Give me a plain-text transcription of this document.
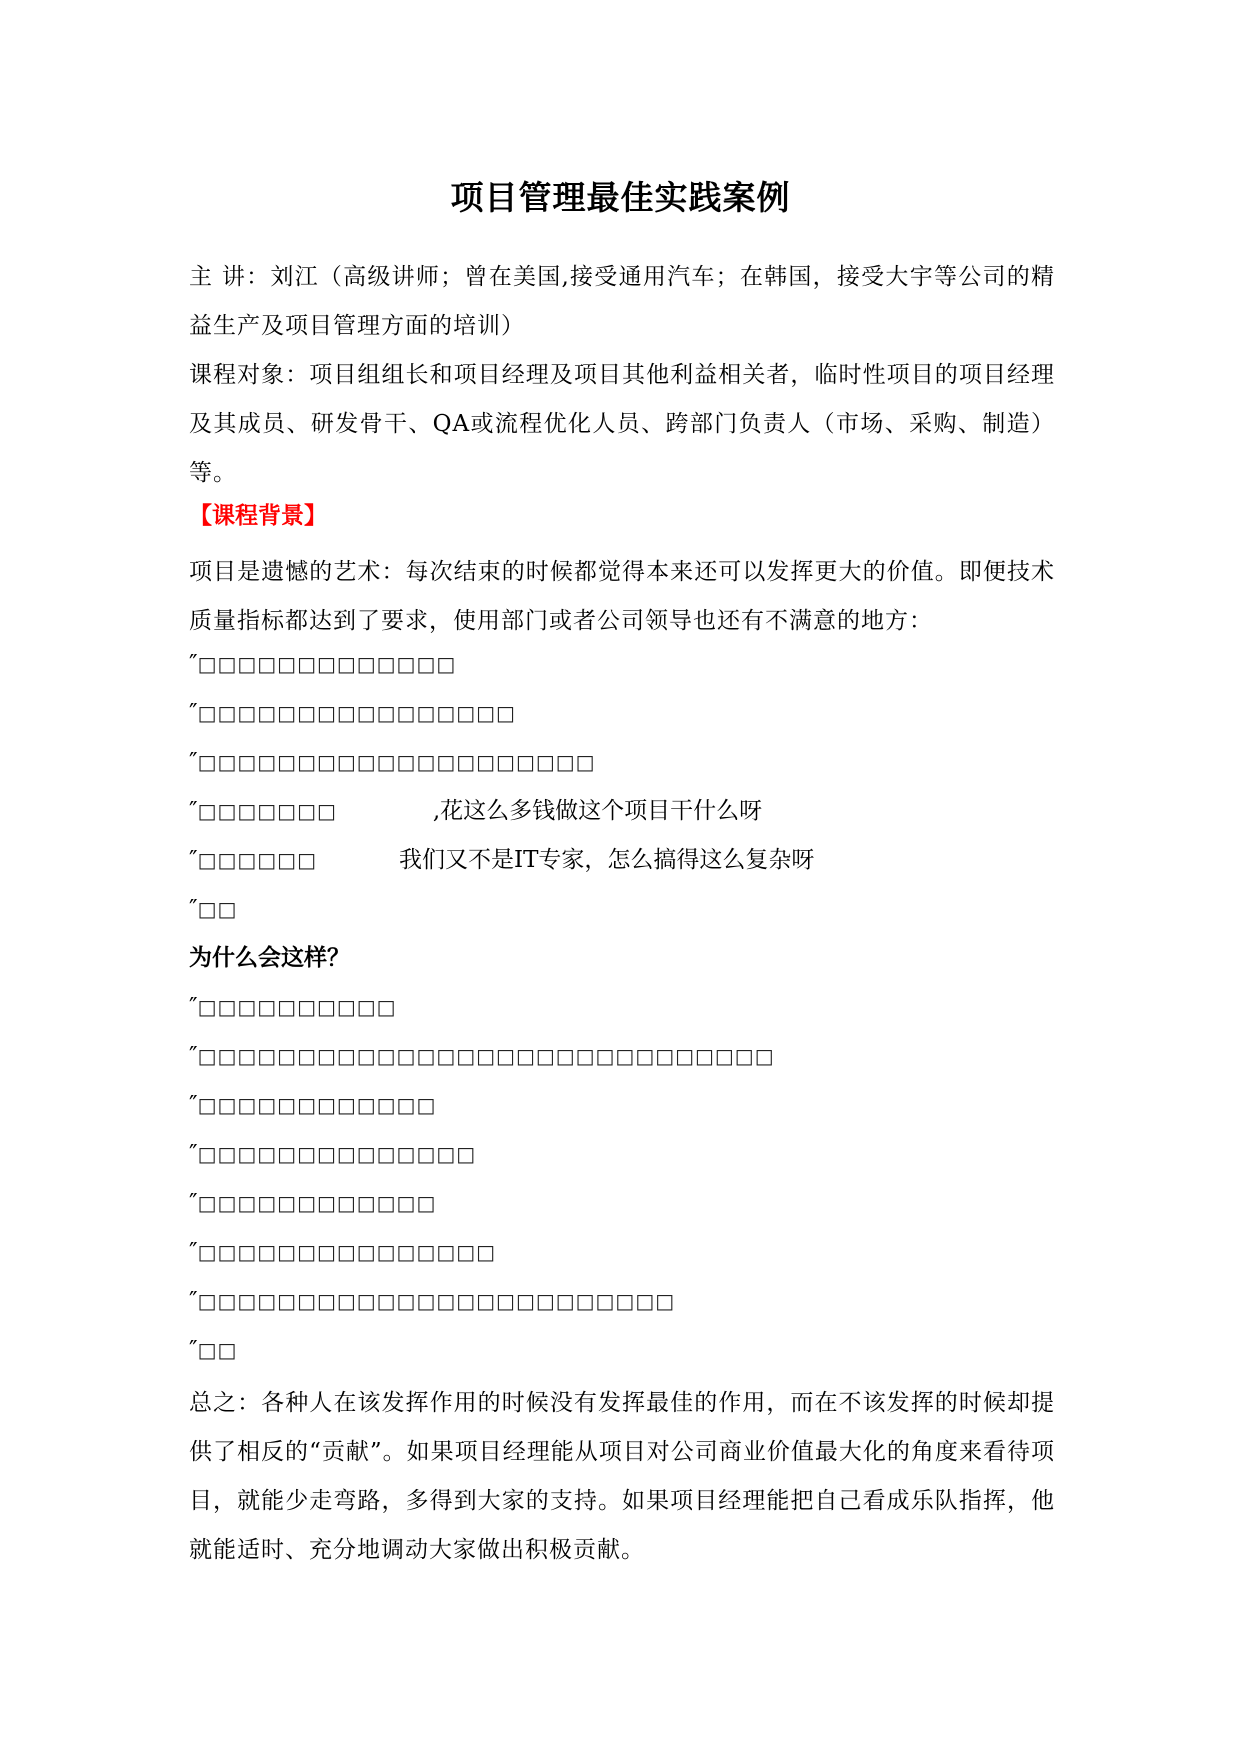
项目管理最佳实践案例
主 讲：刘江（高级讲师；曾在美国,接受通用汽车；在韩国，接受大宇等公司的精益生产及项目管理方面的培训）
课程对象：项目组组长和项目经理及项目其他利益相关者，临时性项目的项目经理及其成员、研发骨干、QA或流程优化人员、跨部门负责人（市场、采购、制造）等。
【课程背景】
项目是遗憾的艺术：每次结束的时候都觉得本来还可以发挥更大的价值。即便技术质量指标都达到了要求，使用部门或者公司领导也还有不满意的地方：
″□□□□□□□□□□□□□
″□□□□□□□□□□□□□□□□
″□□□□□□□□□□□□□□□□□□□□
″□□□□□□□	,花这么多钱做这个项目干什么呀
″□□□□□□	我们又不是IT专家，怎么搞得这么复杂呀
″□□
为什么会这样？
″□□□□□□□□□□
″□□□□□□□□□□□□□□□□□□□□□□□□□□□□□
″□□□□□□□□□□□□
″□□□□□□□□□□□□□□
″□□□□□□□□□□□□
″□□□□□□□□□□□□□□□
″□□□□□□□□□□□□□□□□□□□□□□□□
″□□
总之：各种人在该发挥作用的时候没有发挥最佳的作用，而在不该发挥的时候却提供了相反的“贡献”。如果项目经理能从项目对公司商业价值最大化的角度来看待项目，就能少走弯路，多得到大家的支持。如果项目经理能把自己看成乐队指挥，他就能适时、充分地调动大家做出积极贡献。
